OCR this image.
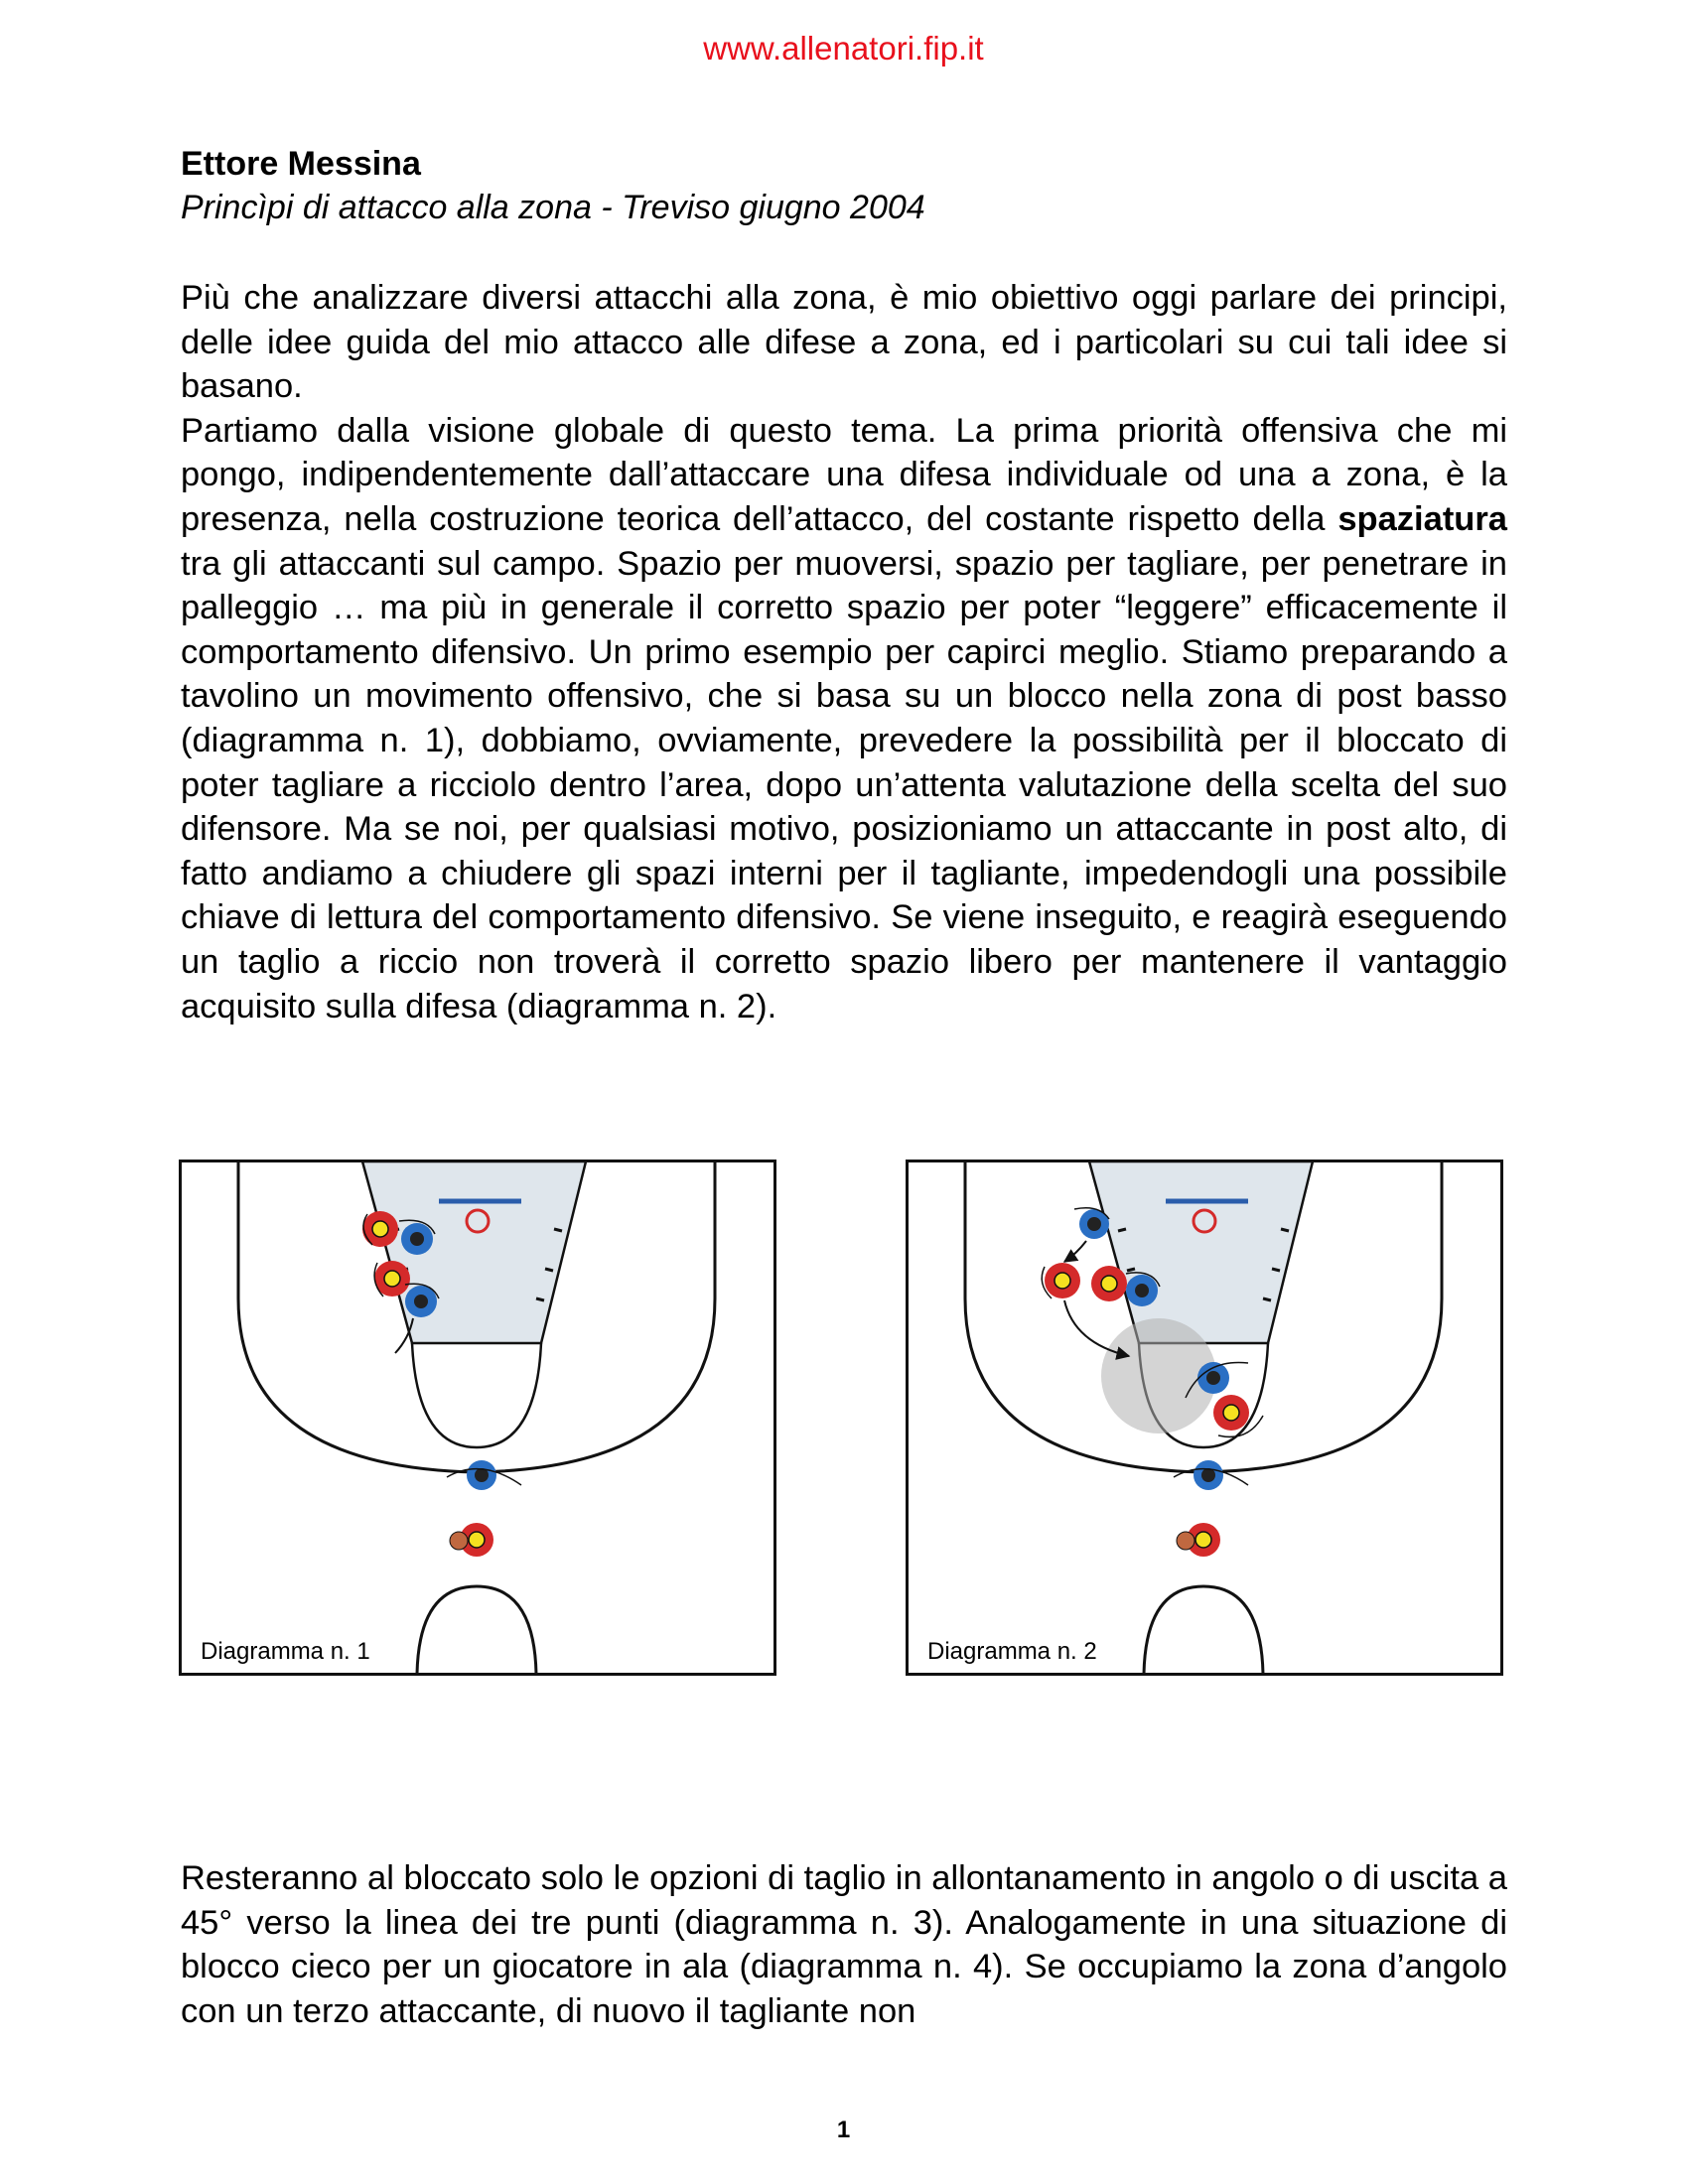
www.allenatori.fip.it
Ettore Messina
Princìpi di attacco alla zona - Treviso giugno 2004

Più che analizzare diversi attacchi alla zona, è mio obiettivo oggi parlare dei principi, delle idee guida del mio attacco alle difese a zona, ed i particolari su cui tali idee si basano.

Partiamo dalla visione globale di questo tema. La prima priorità offensiva che mi pongo, indipendentemente dall’attaccare una difesa individuale od una a zona, è la presenza, nella costruzione teorica dell’attacco, del costante rispetto della spaziatura tra gli attaccanti sul campo. Spazio per muoversi, spazio per tagliare, per penetrare in palleggio … ma più in generale il corretto spazio per poter “leggere” efficacemente il comportamento difensivo. Un primo esempio per capirci meglio. Stiamo preparando a tavolino un movimento offensivo, che si basa su un blocco nella zona di post basso (diagramma n. 1), dobbiamo, ovviamente, prevedere la possibilità per il bloccato di poter tagliare a ricciolo dentro l’area, dopo un’attenta valutazione della scelta del suo difensore. Ma se noi, per qualsiasi motivo, posizioniamo un attaccante in post alto, di fatto andiamo a chiudere gli spazi interni per il tagliante, impedendogli una possibile chiave di lettura del comportamento difensivo. Se viene inseguito, e reagirà eseguendo un taglio a riccio non troverà il corretto spazio libero per mantenere il vantaggio acquisito sulla difesa (diagramma n. 2).

Diagramma n. 1	Diagramma n. 2

Resteranno al bloccato solo le opzioni di taglio in allontanamento in angolo o di uscita a 45° verso la linea dei tre punti (diagramma n. 3). Analogamente in una situazione di blocco cieco per un giocatore in ala (diagramma n. 4). Se occupiamo la zona d’angolo con un terzo attaccante, di nuovo il tagliante non

1
